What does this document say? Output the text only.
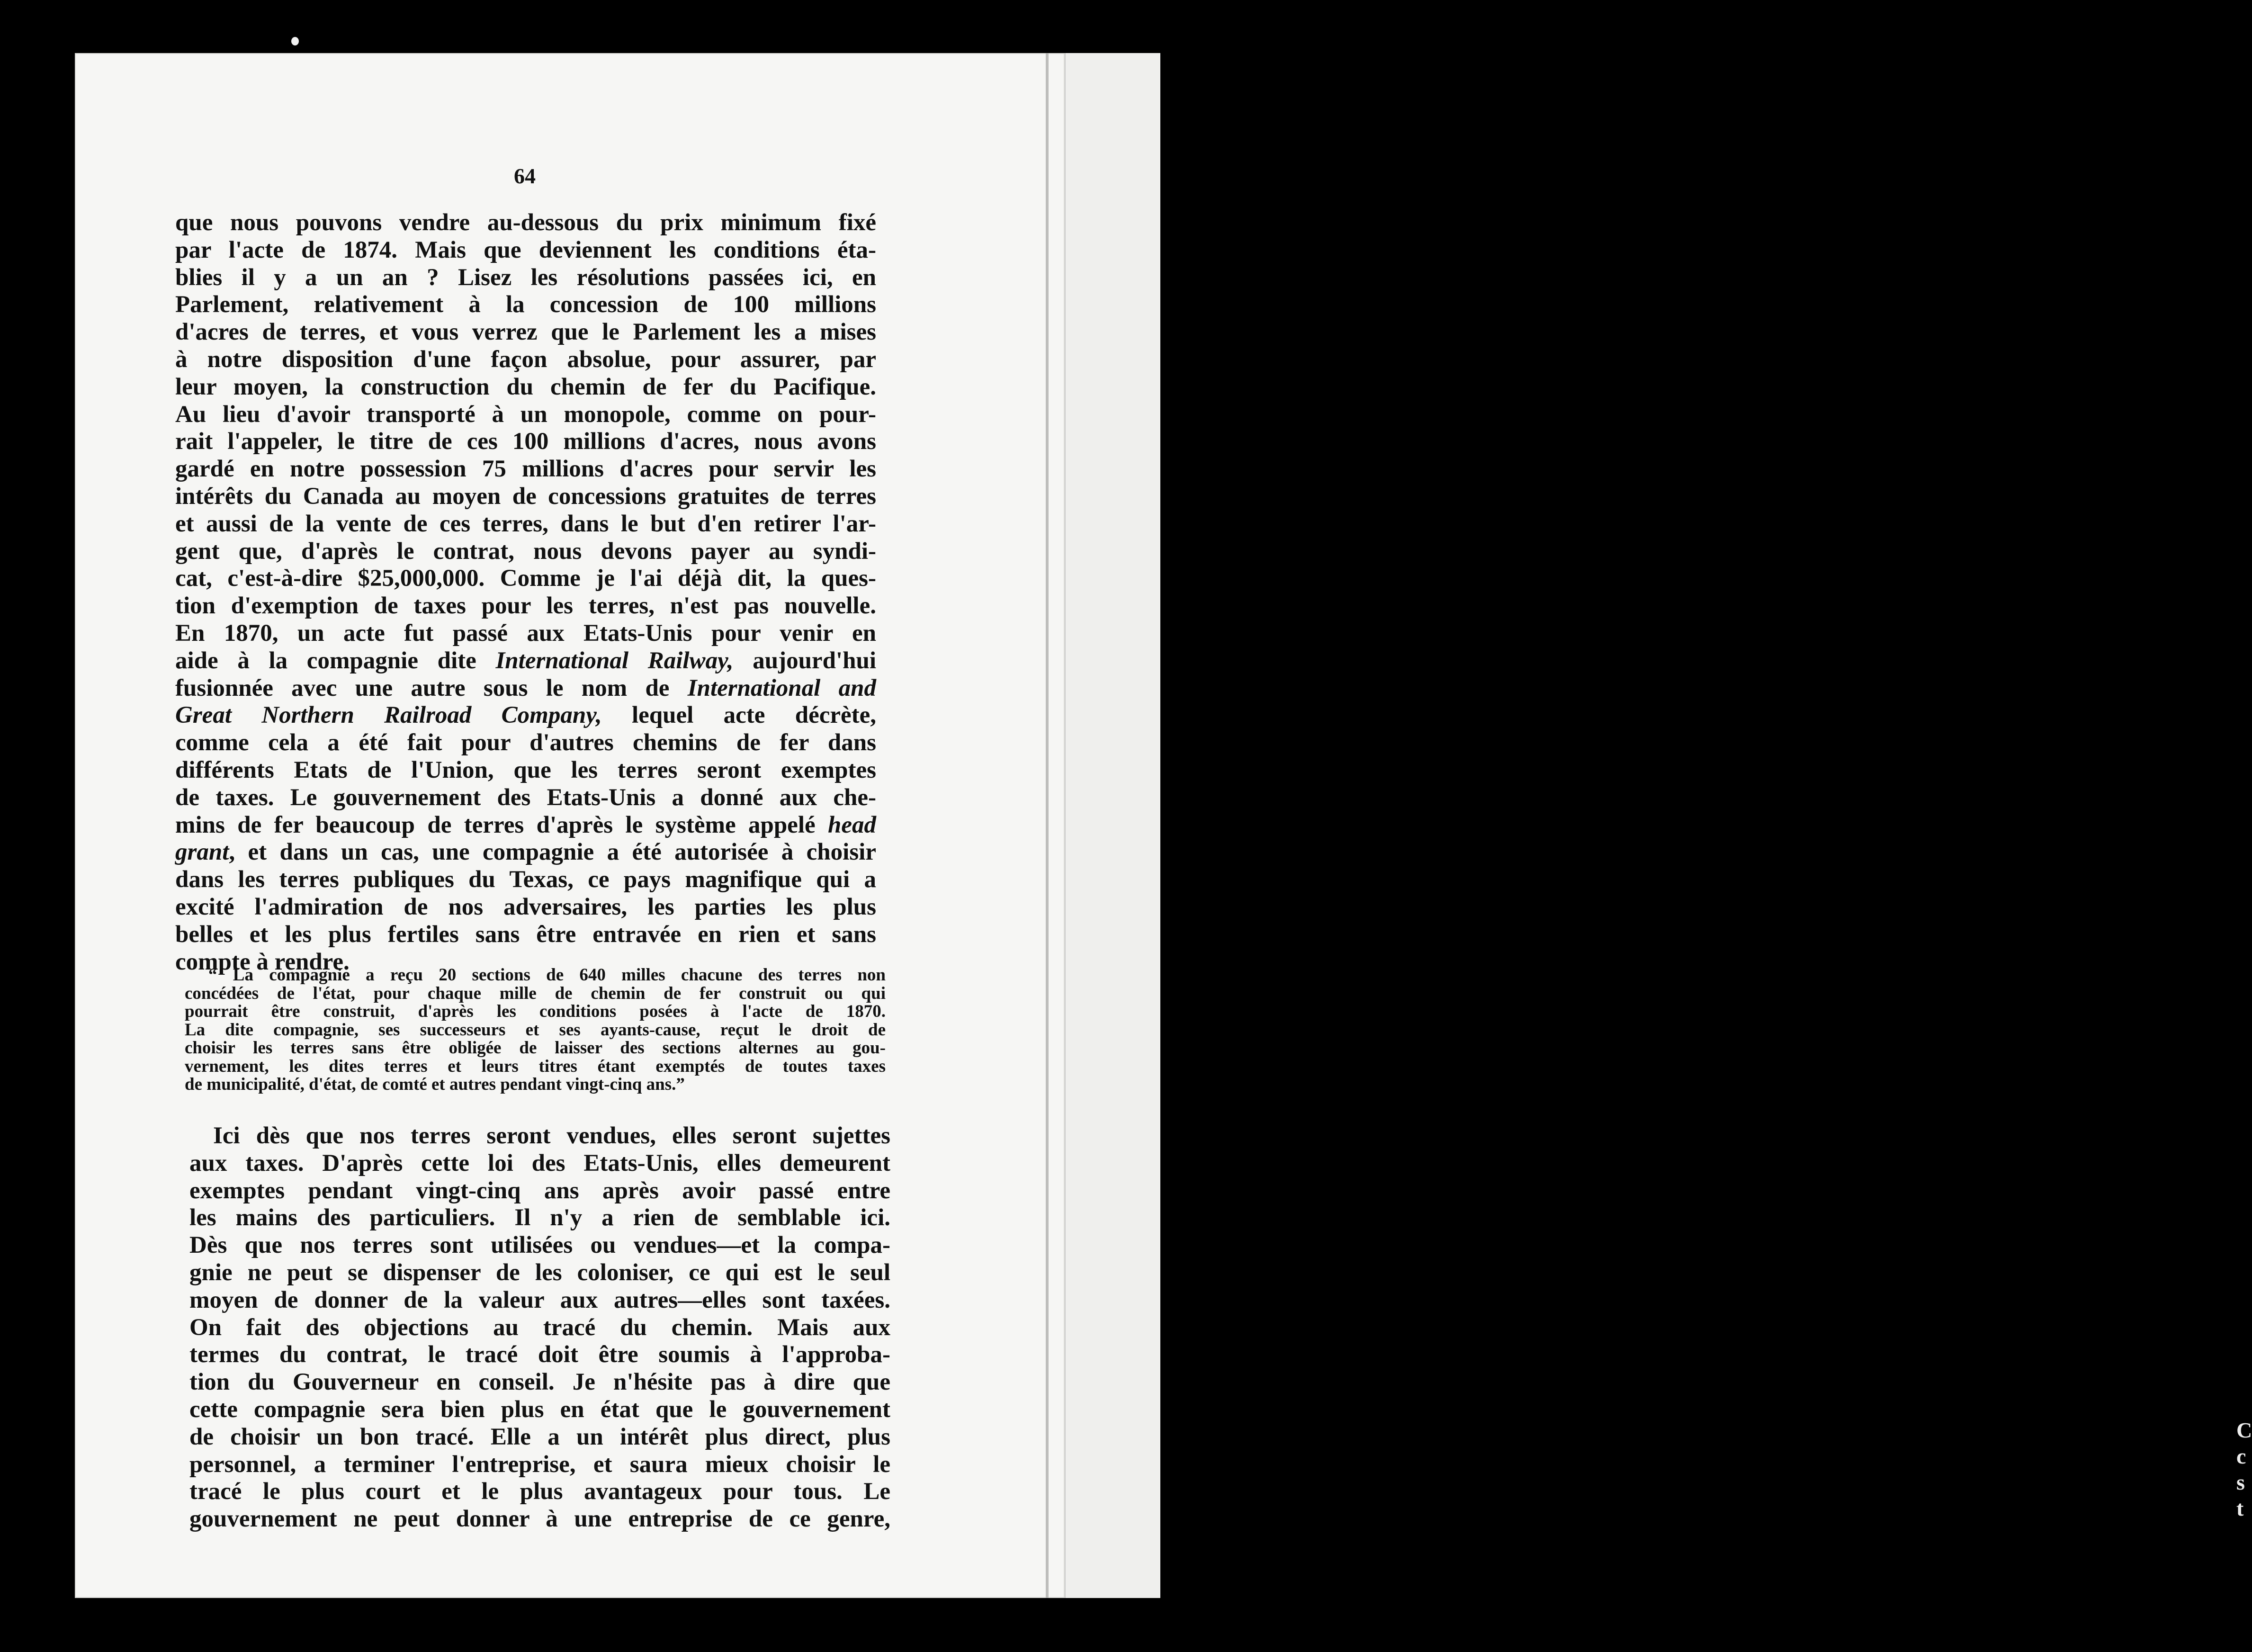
C
c
s
t
64
que nous pouvons vendre au-dessous du prix minimum fixé
par l'acte de 1874. Mais que deviennent les conditions éta-
blies il y a un an ? Lisez les résolutions passées ici, en
Parlement, relativement à la concession de 100 millions
d'acres de terres, et vous verrez que le Parlement les a mises
à notre disposition d'une façon absolue, pour assurer, par
leur moyen, la construction du chemin de fer du Pacifique.
Au lieu d'avoir transporté à un monopole, comme on pour-
rait l'appeler, le titre de ces 100 millions d'acres, nous avons
gardé en notre possession 75 millions d'acres pour servir les
intérêts du Canada au moyen de concessions gratuites de terres
et aussi de la vente de ces terres, dans le but d'en retirer l'ar-
gent que, d'après le contrat, nous devons payer au syndi-
cat, c'est-à-dire $25,000,000. Comme je l'ai déjà dit, la ques-
tion d'exemption de taxes pour les terres, n'est pas nouvelle.
En 1870, un acte fut passé aux Etats-Unis pour venir en
aide à la compagnie dite International Railway, aujourd'hui
fusionnée avec une autre sous le nom de International and
Great Northern Railroad Company, lequel acte décrète,
comme cela a été fait pour d'autres chemins de fer dans
différents Etats de l'Union, que les terres seront exemptes
de taxes. Le gouvernement des Etats-Unis a donné aux che-
mins de fer beaucoup de terres d'après le système appelé head
grant, et dans un cas, une compagnie a été autorisée à choisir
dans les terres publiques du Texas, ce pays magnifique qui a
excité l'admiration de nos adversaires, les parties les plus
belles et les plus fertiles sans être entravée en rien et sans
compte à rendre.
“ La compagnie a reçu 20 sections de 640 milles chacune des terres non
concédées de l'état, pour chaque mille de chemin de fer construit ou qui
pourrait être construit, d'après les conditions posées à l'acte de 1870.
La dite compagnie, ses successeurs et ses ayants-cause, reçut le droit de
choisir les terres sans être obligée de laisser des sections alternes au gou-
vernement, les dites terres et leurs titres étant exemptés de toutes taxes
de municipalité, d'état, de comté et autres pendant vingt-cinq ans.”
Ici dès que nos terres seront vendues, elles seront sujettes
aux taxes. D'après cette loi des Etats-Unis, elles demeurent
exemptes pendant vingt-cinq ans après avoir passé entre
les mains des particuliers. Il n'y a rien de semblable ici.
Dès que nos terres sont utilisées ou vendues—et la compa-
gnie ne peut se dispenser de les coloniser, ce qui est le seul
moyen de donner de la valeur aux autres—elles sont taxées.
On fait des objections au tracé du chemin. Mais aux
termes du contrat, le tracé doit être soumis à l'approba-
tion du Gouverneur en conseil. Je n'hésite pas à dire que
cette compagnie sera bien plus en état que le gouvernement
de choisir un bon tracé. Elle a un intérêt plus direct, plus
personnel, a terminer l'entreprise, et saura mieux choisir le
tracé le plus court et le plus avantageux pour tous. Le
gouvernement ne peut donner à une entreprise de ce genre,
